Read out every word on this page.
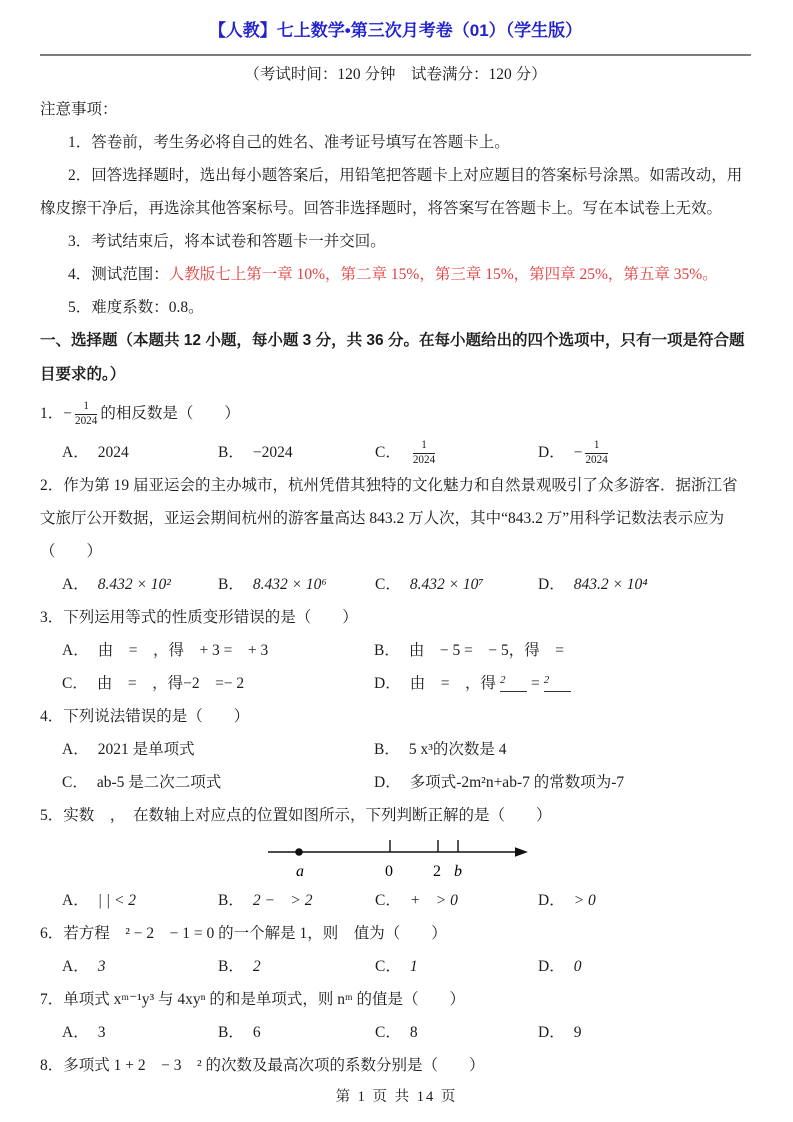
【人教】七上数学•第三次月考卷（01）（学生版）

（考试时间：120 分钟　试卷满分：120 分）

注意事项：

1．答卷前，考生务必将自己的姓名、准考证号填写在答题卡上。

2．回答选择题时，选出每小题答案后，用铅笔把答题卡上对应题目的答案标号涂黑。如需改动，用橡皮擦干净后，再选涂其他答案标号。回答非选择题时，将答案写在答题卡上。写在本试卷上无效。

3．考试结束后，将本试卷和答题卡一并交回。

4．测试范围：人教版七上第一章 10%，第二章 15%，第三章 15%，第四章 25%，第五章 35%。

5．难度系数：0.8。

一、选择题（本题共 12 小题，每小题 3 分，共 36 分。在每小题给出的四个选项中，只有一项是符合题目要求的。）

1．− $\frac{1}{2024}$ 的相反数是（　　）

A． 2024	B． −2024	C． $\frac{1}{2024}$	D． − $\frac{1}{2024}$

2．作为第 19 届亚运会的主办城市，杭州凭借其独特的文化魅力和自然景观吸引了众多游客．据浙江省文旅厅公开数据，亚运会期间杭州的游客量高达 843.2 万人次，其中“843.2 万”用科学记数法表示应为（　　）

A． 8.432 × 10²	B． 8.432 × 10⁶	C． 8.432 × 10⁷	D． 843.2 × 10⁴

3．下列运用等式的性质变形错误的是（　　）

A． 由　=　，得　+ 3 =　+ 3	B． 由　− 5 =　− 5，得　=
C． 由　=　，得−2　=− 2	D． 由　=　，得 $^2$ = $^2$

4．下列说法错误的是（　　）

A． 2021 是单项式	B． 5 x³的次数是 4
C． ab-5 是二次二项式	D． 多项式-2m²n+ab-7 的常数项为-7

5．实数　，　在数轴上对应点的位置如图所示，下列判断正解的是（　　）

a	0	2 b
A． | | < 2	B． 2 −　> 2	C． +　> 0	D． > 0

6．若方程　² − 2　− 1 = 0 的一个解是 1，则　值为（　　）

A． 3	B． 2	C． 1	D． 0

7．单项式 xᵐ⁻¹y³ 与 4xyⁿ 的和是单项式，则 nᵐ 的值是（　　）

A． 3	B． 6	C． 8	D． 9

8．多项式 1 + 2　− 3　² 的次数及最高次项的系数分别是（　　）

第 1 页 共 14 页
